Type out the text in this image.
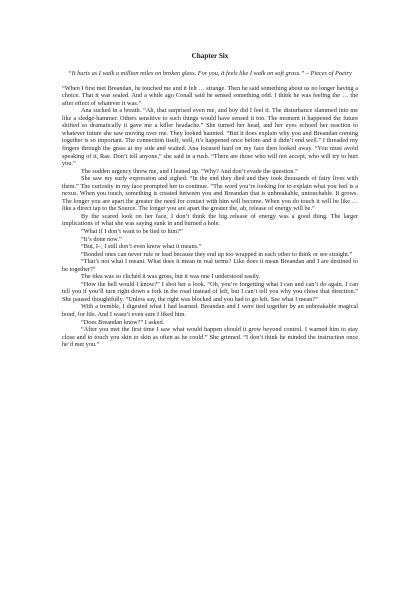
Chapter Six
“It hurts as I walk a million miles on broken glass. For you, it feels like I walk on soft grass.” – Pieces of Poetry

“When I first met Breandan, he touched me and it felt … strange. Then he said something about us no longer having a choice. That it was sealed. And a while ago Conall said he sensed something odd. I think he was feeling the … the after effect of whatever it was.”

Ana sucked in a breath. “Ah, that surprised even me, and boy did I feel it. The disturbance slammed into me like a sledge-hammer. Others sensitive to such things would have sensed it too. The moment it happened the future shifted so dramatically it gave me a killer headache.” She turned her head, and her eyes echoed her reaction to whatever future she saw moving over me. They looked haunted. “But it does explain why you and Breandan coming together is so important. The connection itself, well, it’s happened once before and it didn’t end well.” I threaded my fingers through the grass at my side and waited. Ana focused hard on my face then looked away. “You must avoid speaking of it, Rae. Don’t tell anyone,” she said in a rush. “There are those who will not accept, who will try to hurt you.”

The sudden urgency threw me, and I leaned up. “Why? And don’t evade the question.”

She saw my surly expression and sighed. “In the end they died and they took thousands of fairy lives with them.” The curiosity in my face prompted her to continue. “The word you’re looking for to explain what you feel is a nexus. When you touch, something is created between you and Breandan that is unbreakable, untouchable. It grows. The longer you are apart the greater the need for contact with him will become. When you do touch it will be like … like a direct tap to the Source. The longer you are apart the greater the, ah, release of energy will be.”

By the scared look on her face, I don’t think the big release of energy was a good thing. The larger implications of what she was saying sunk in and burned a hole.

“What if I don’t want to be tied to him?”

“It’s done now.”

“But, I–, I still don’t even know what it means.”

“Bonded ones can never rule or lead because they end up too wrapped in each other to think or see straight.”

“That’s not what I meant. What does it mean in real terms? Like does it mean Breandan and I are destined to be together?”

The idea was so clichéd it was gross, but it was one I understood easily.

“How the hell would I know?” I shot her a look. “Oh, you’re forgetting what I can and can’t do again. I can tell you if you’ll turn right down a fork in the road instead of left, but I can’t tell you why you chose that direction.” She paused thoughtfully. “Unless say, the right was blocked and you had to go left. See what I mean?”

With a tremble, I digested what I had learned. Breandan and I were tied together by an unbreakable magical bond, for life. And I wasn’t even sure I liked him.

“Does Breandan know?” I asked.

“After you met the first time I saw what would happen should it grow beyond control. I warned him to stay close and to touch you skin to skin as often as he could.” She grinned. “I don’t think he minded the instruction once he’d met you.”
